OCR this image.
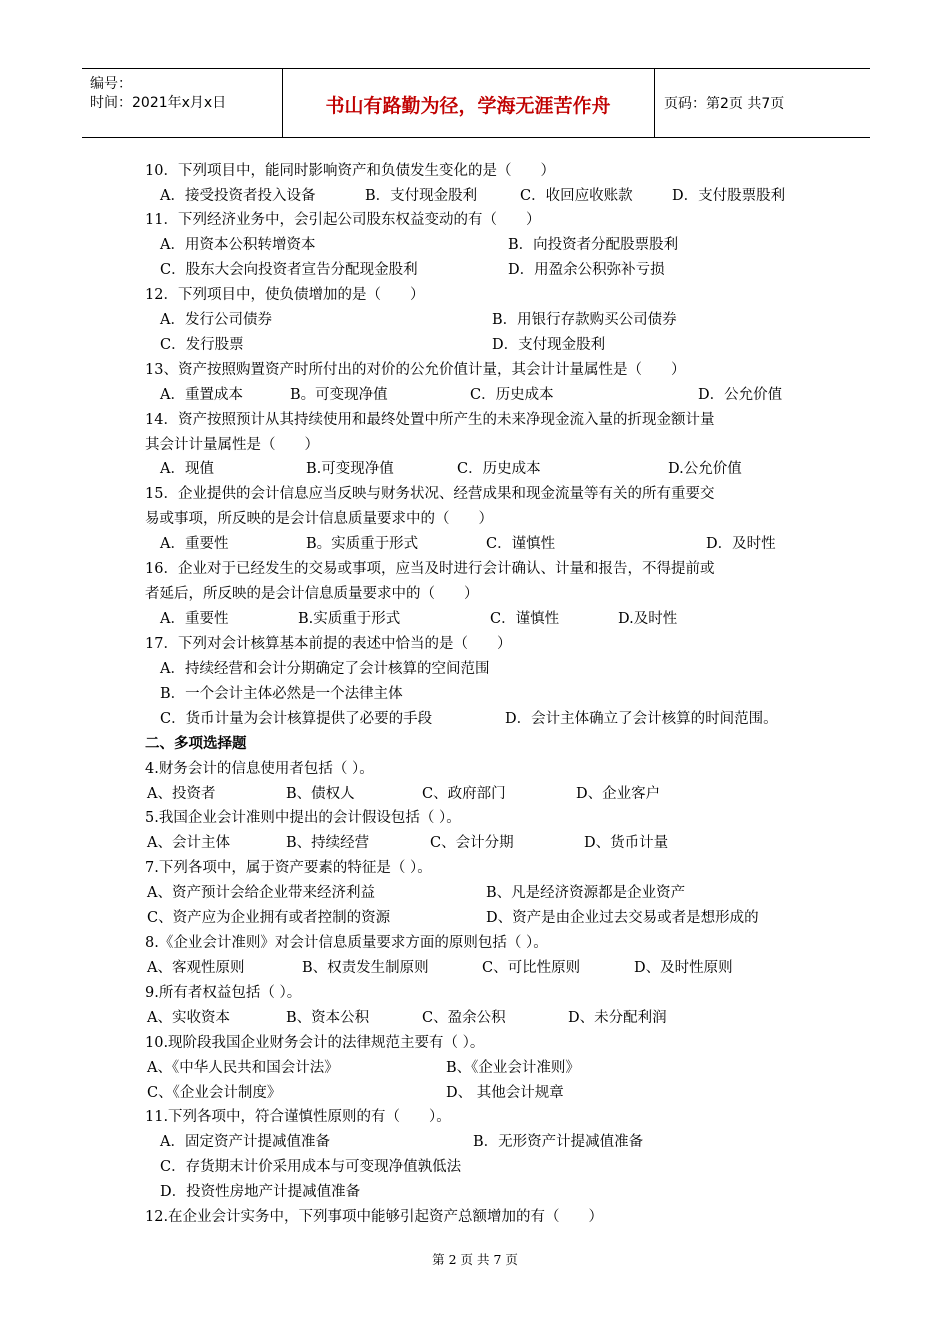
编号：
时间：2021年x月x日	书山有路勤为径，学海无涯苦作舟	页码：第2页 共7页
10．下列项目中，能同时影响资产和负债发生变化的是（　　）
A．接受投资者投入设备	B．支付现金股利	C．收回应收账款	D．支付股票股利
11．下列经济业务中，会引起公司股东权益变动的有（　　）
A．用资本公积转增资本	B．向投资者分配股票股利
C．股东大会向投资者宣告分配现金股利	D．用盈余公积弥补亏损
12．下列项目中，使负债增加的是（　　）
A．发行公司债券	B．用银行存款购买公司债券
C．发行股票	D．支付现金股利
13、资产按照购置资产时所付出的对价的公允价值计量，其会计计量属性是（　　）
A．重置成本	B。可变现净值	C．历史成本	D．公允价值
14．资产按照预计从其持续使用和最终处置中所产生的未来净现金流入量的折现金额计量
其会计计量属性是（　　）
A．现值	B.可变现净值	C．历史成本	D.公允价值
15．企业提供的会计信息应当反映与财务状况、经营成果和现金流量等有关的所有重要交
易或事项，所反映的是会计信息质量要求中的（　　）
A．重要性	B。实质重于形式	C．谨慎性	D．及时性
16．企业对于已经发生的交易或事项，应当及时进行会计确认、计量和报告，不得提前或
者延后，所反映的是会计信息质量要求中的（　　）
A．重要性	B.实质重于形式	C．谨慎性	D.及时性
17．下列对会计核算基本前提的表述中恰当的是（　　）
A．持续经营和会计分期确定了会计核算的空间范围
B．一个会计主体必然是一个法律主体
C．货币计量为会计核算提供了必要的手段	D．会计主体确立了会计核算的时间范围。
二、多项选择题
4.财务会计的信息使用者包括（ ）。
A、投资者	B、债权人	C、政府部门	D、企业客户
5.我国企业会计准则中提出的会计假设包括（ ）。
A、会计主体	B、持续经营	C、会计分期	D、货币计量
7.下列各项中，属于资产要素的特征是（ ）。
A、资产预计会给企业带来经济利益	B、凡是经济资源都是企业资产
C、资产应为企业拥有或者控制的资源	D、资产是由企业过去交易或者是想形成的
8.《企业会计准则》对会计信息质量要求方面的原则包括（ ）。
A、客观性原则	B、权责发生制原则	C、可比性原则	D、及时性原则
9.所有者权益包括（ ）。
A、实收资本	B、资本公积	C、盈余公积	D、未分配利润
10.现阶段我国企业财务会计的法律规范主要有（ ）。
A、《中华人民共和国会计法》	B、《企业会计准则》
C、《企业会计制度》	D、 其他会计规章
11.下列各项中，符合谨慎性原则的有（　　）。
A．固定资产计提减值准备	B．无形资产计提减值准备
C．存货期末计价采用成本与可变现净值孰低法
D．投资性房地产计提减值准备
12.在企业会计实务中，下列事项中能够引起资产总额增加的有（　　）
第 2 页 共 7 页
